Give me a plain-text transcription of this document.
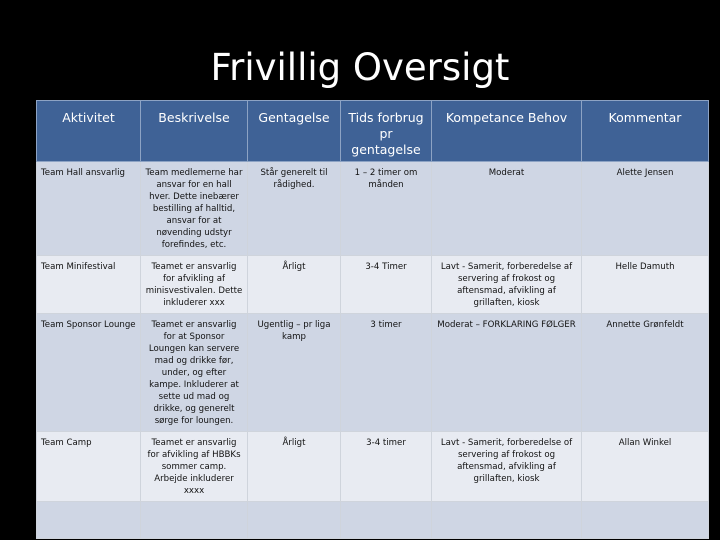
Frivillig Oversigt
Aktivitet	Beskrivelse	Gentagelse	Tids forbrug pr gentagelse	Kompetance Behov	Kommentar
Team Hall ansvarlig	Team medlemerne har ansvar for en hall hver. Dette inebærer bestilling af halltid, ansvar for at nøvending udstyr forefindes, etc.	Står generelt til rådighed.	1 – 2 timer om månden	Moderat	Alette Jensen
Team Minifestival	Teamet er ansvarlig for afvikling af minisvestivalen. Dette inkluderer xxx	Årligt	3-4 Timer	Lavt - Samerit, forberedelse af servering af frokost og aftensmad, afvikling af grillaften, kiosk	Helle Damuth
Team Sponsor Lounge	Teamet er ansvarlig for at Sponsor Loungen kan servere mad og drikke før, under, og efter kampe. Inkluderer at sette ud mad og drikke, og generelt sørge for loungen.	Ugentlig – pr liga kamp	3 timer	Moderat – FORKLARING FØLGER	Annette Grønfeldt
Team Camp	Teamet er ansvarlig for afvikling af HBBKs sommer camp. Arbejde inkluderer xxxx	Årligt	3-4 timer	Lavt - Samerit, forberedelse of servering af frokost og aftensmad, afvikling af grillaften, kiosk	Allan Winkel
